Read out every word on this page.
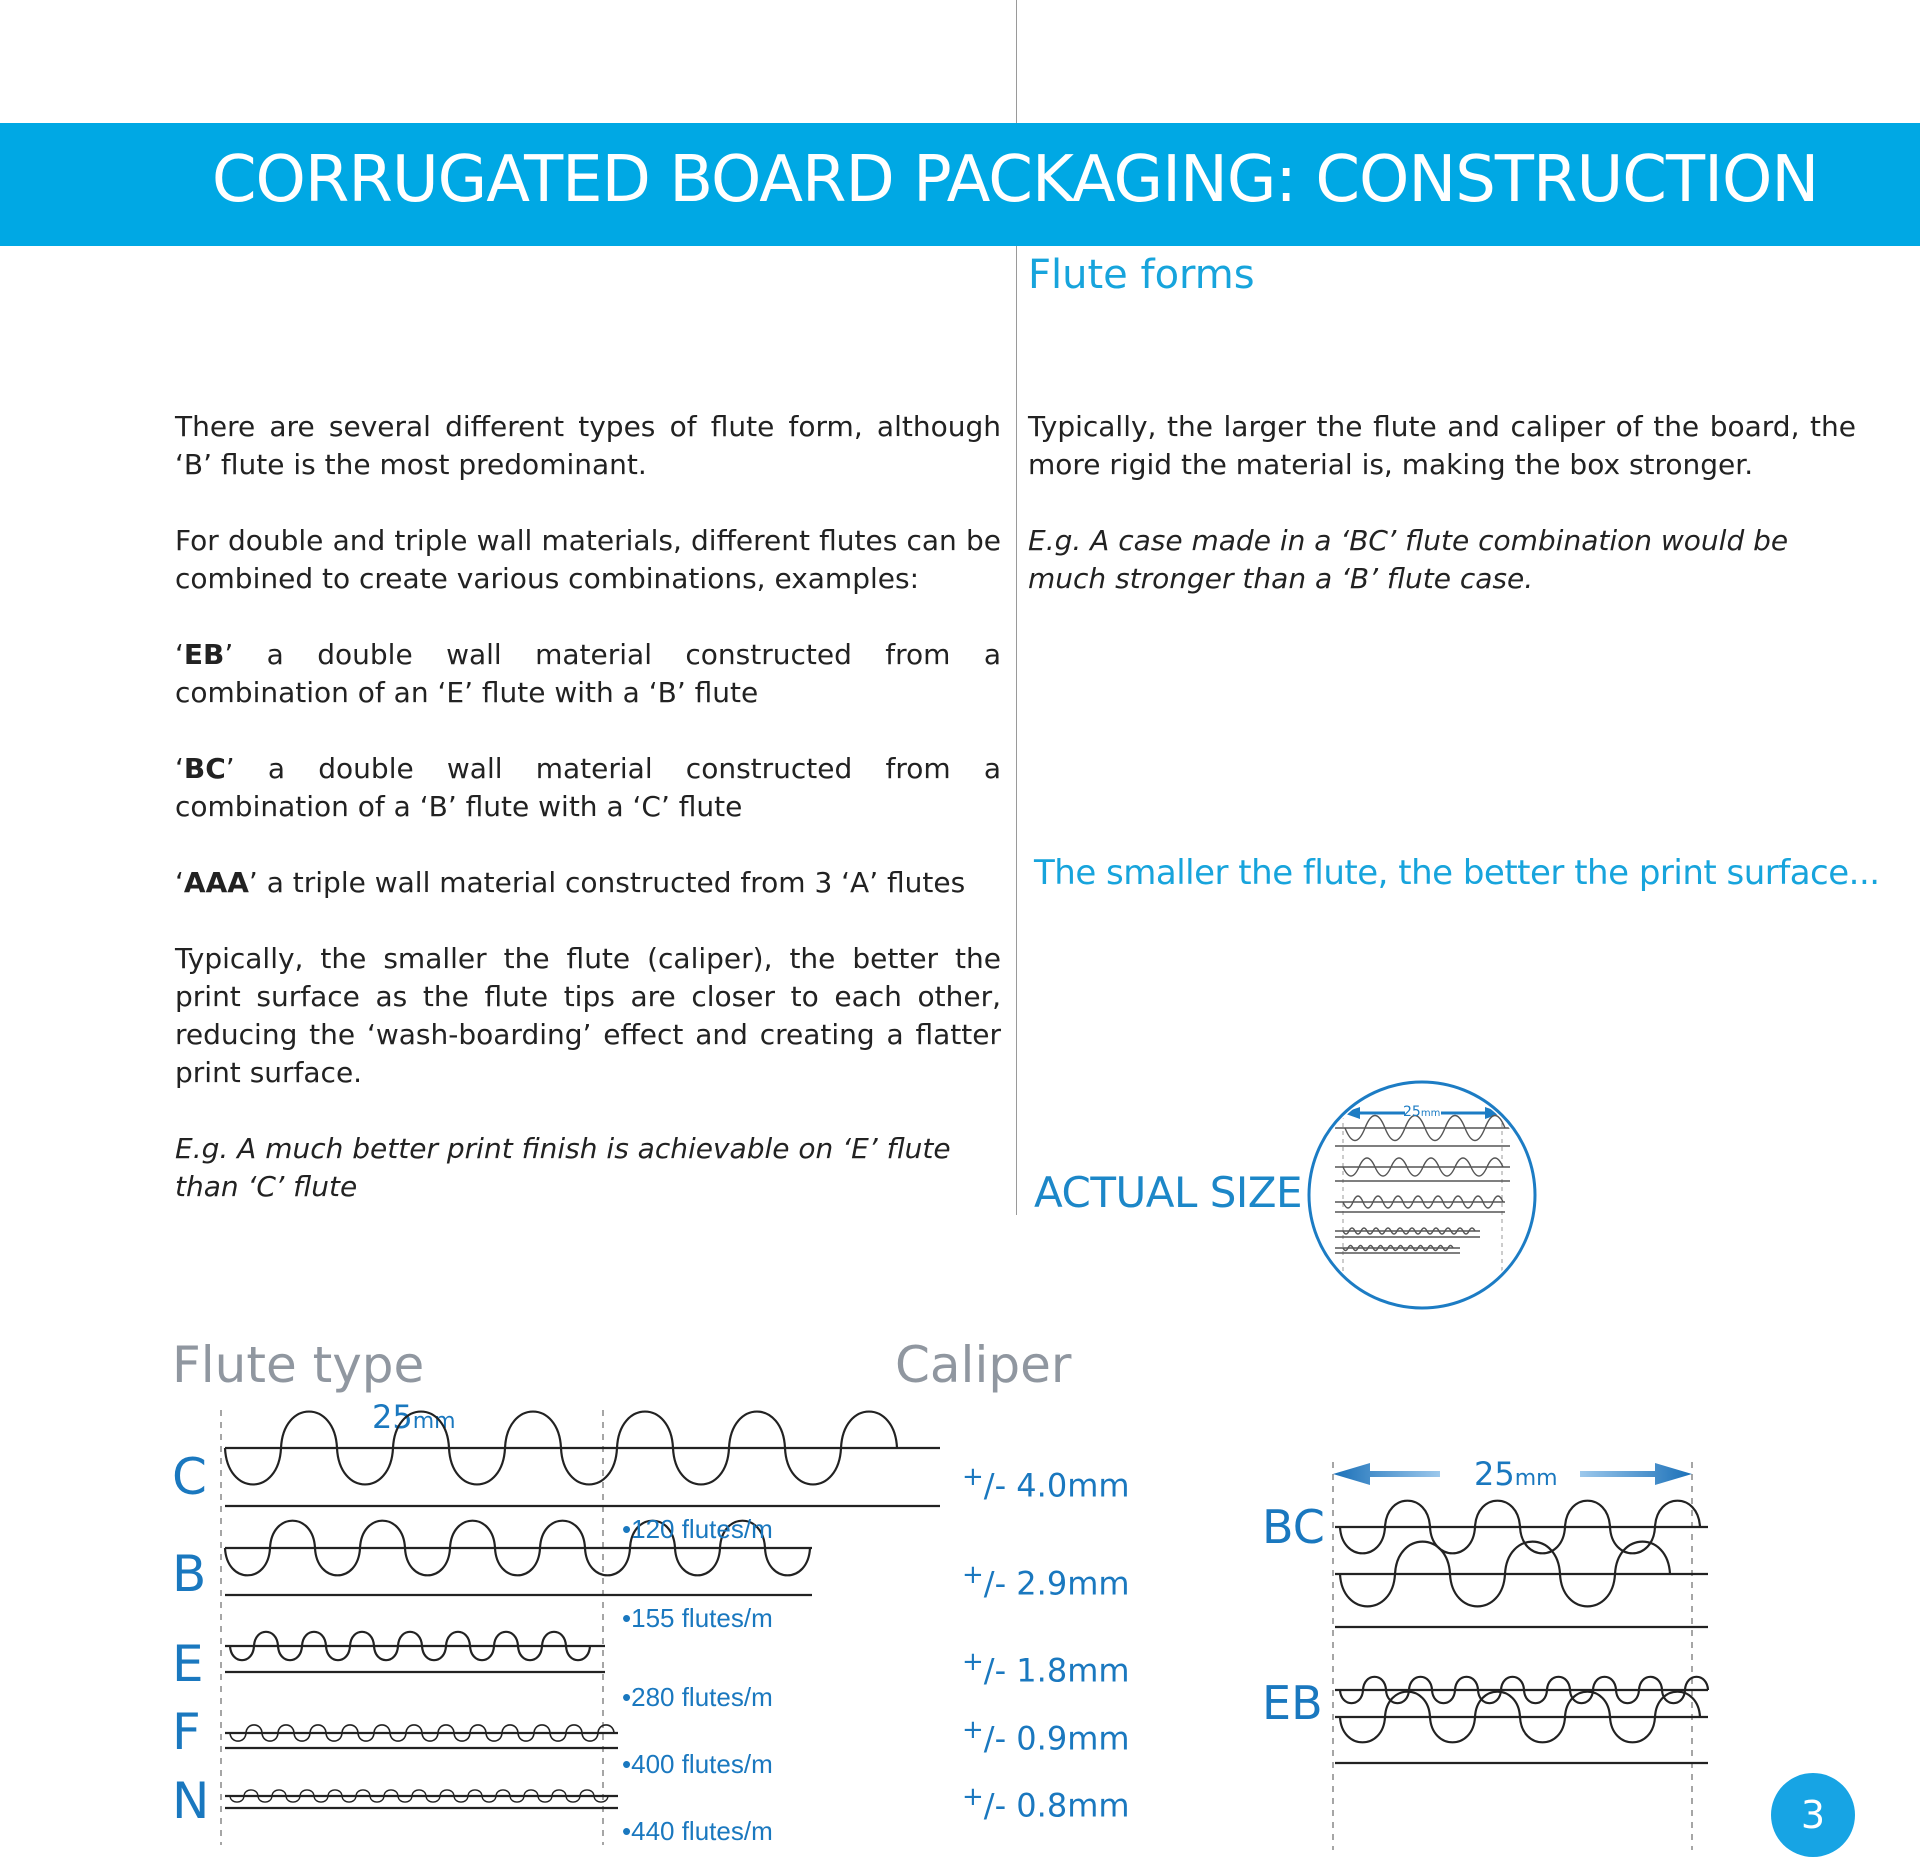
CORRUGATED BOARD PACKAGING: CONSTRUCTION
Flute forms

There are several different types of flute form, although ‘B’ flute is the most predominant.

For double and triple wall materials, different flutes can be combined to create various combinations, examples:

‘EB’ a double wall material constructed from a combination of an ‘E’ flute with a ‘B’ flute

‘BC’ a double wall material constructed from a combination of a ‘B’ flute with a ‘C’ flute

‘AAA’ a triple wall material constructed from 3 ‘A’ flutes

Typically, the smaller the flute (caliper), the better the print surface as the flute tips are closer to each other, reducing the ‘wash-boarding’ effect and creating a flatter print surface.

E.g. A much better print finish is achievable on ‘E’ flute than ‘C’ flute

Typically, the larger the flute and caliper of the board, the more rigid the material is, making the box stronger.

E.g. A case made in a ‘BC’ flute combination would be much stronger than a ‘B’ flute case.

The smaller the flute, the better the print surface...
ACTUAL SIZE
25mm
Flute type	Caliper
25mm
C
B
E
F
N
•120 flutes/m
•155 flutes/m
•280 flutes/m
•400 flutes/m
•440 flutes/m
+/- 4.0mm
+/- 2.9mm
+/- 1.8mm
+/- 0.9mm
+/- 0.8mm
25mm
BC
EB
3
